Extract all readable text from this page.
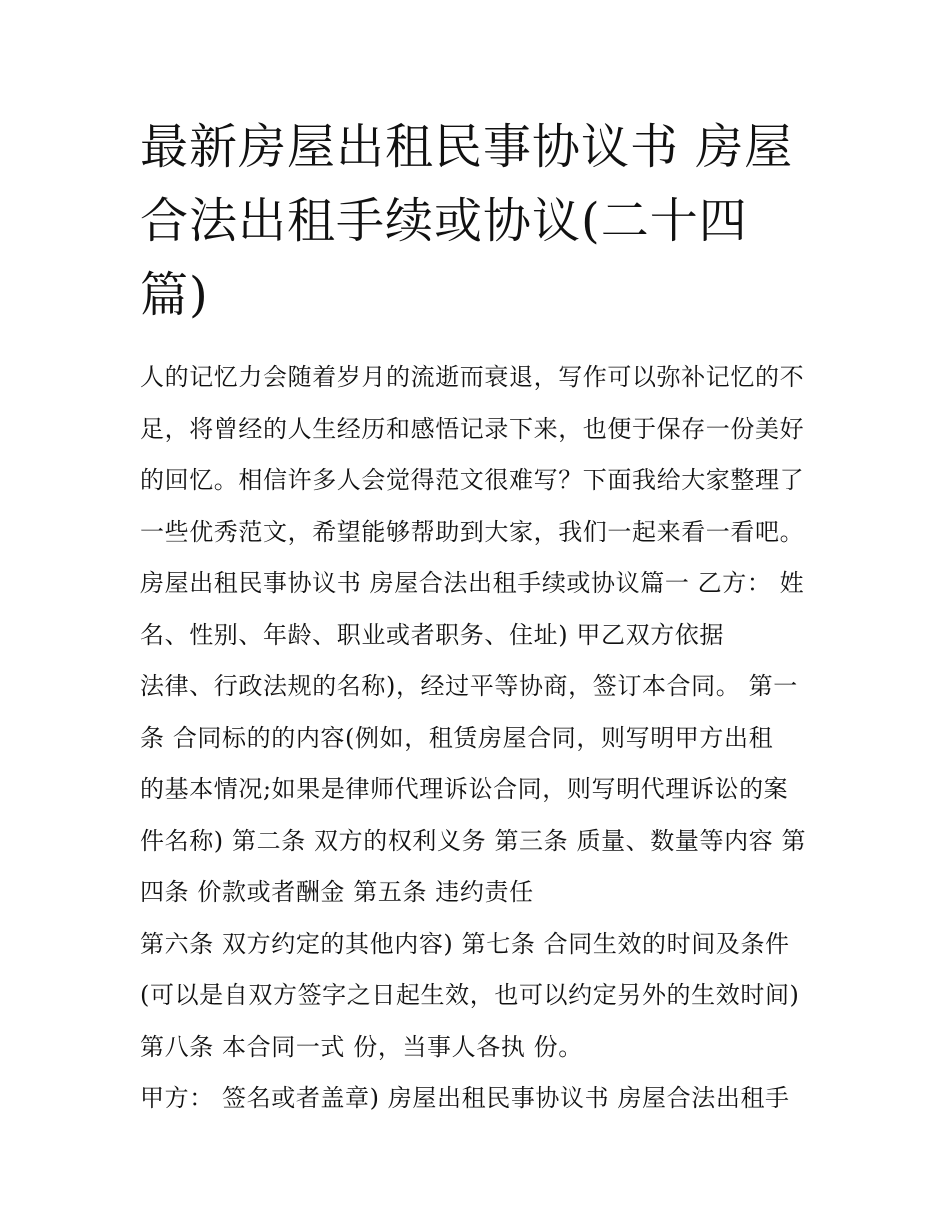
最新房屋出租民事协议书 房屋
合法出租手续或协议(二十四
篇)
人的记忆力会随着岁月的流逝而衰退，写作可以弥补记忆的不
足，将曾经的人生经历和感悟记录下来，也便于保存一份美好
的回忆。相信许多人会觉得范文很难写？下面我给大家整理了
一些优秀范文，希望能够帮助到大家，我们一起来看一看吧。
房屋出租民事协议书 房屋合法出租手续或协议篇一 乙方： 姓
名、性别、年龄、职业或者职务、住址) 甲乙双方依据
法律、行政法规的名称)，经过平等协商，签订本合同。 第一
条 合同标的的内容(例如，租赁房屋合同，则写明甲方出租
的基本情况;如果是律师代理诉讼合同，则写明代理诉讼的案
件名称) 第二条 双方的权利义务 第三条 质量、数量等内容 第
四条 价款或者酬金 第五条 违约责任
第六条 双方约定的其他内容) 第七条 合同生效的时间及条件
(可以是自双方签字之日起生效，也可以约定另外的生效时间)
第八条 本合同一式 份，当事人各执 份。
甲方： 签名或者盖章) 房屋出租民事协议书 房屋合法出租手
